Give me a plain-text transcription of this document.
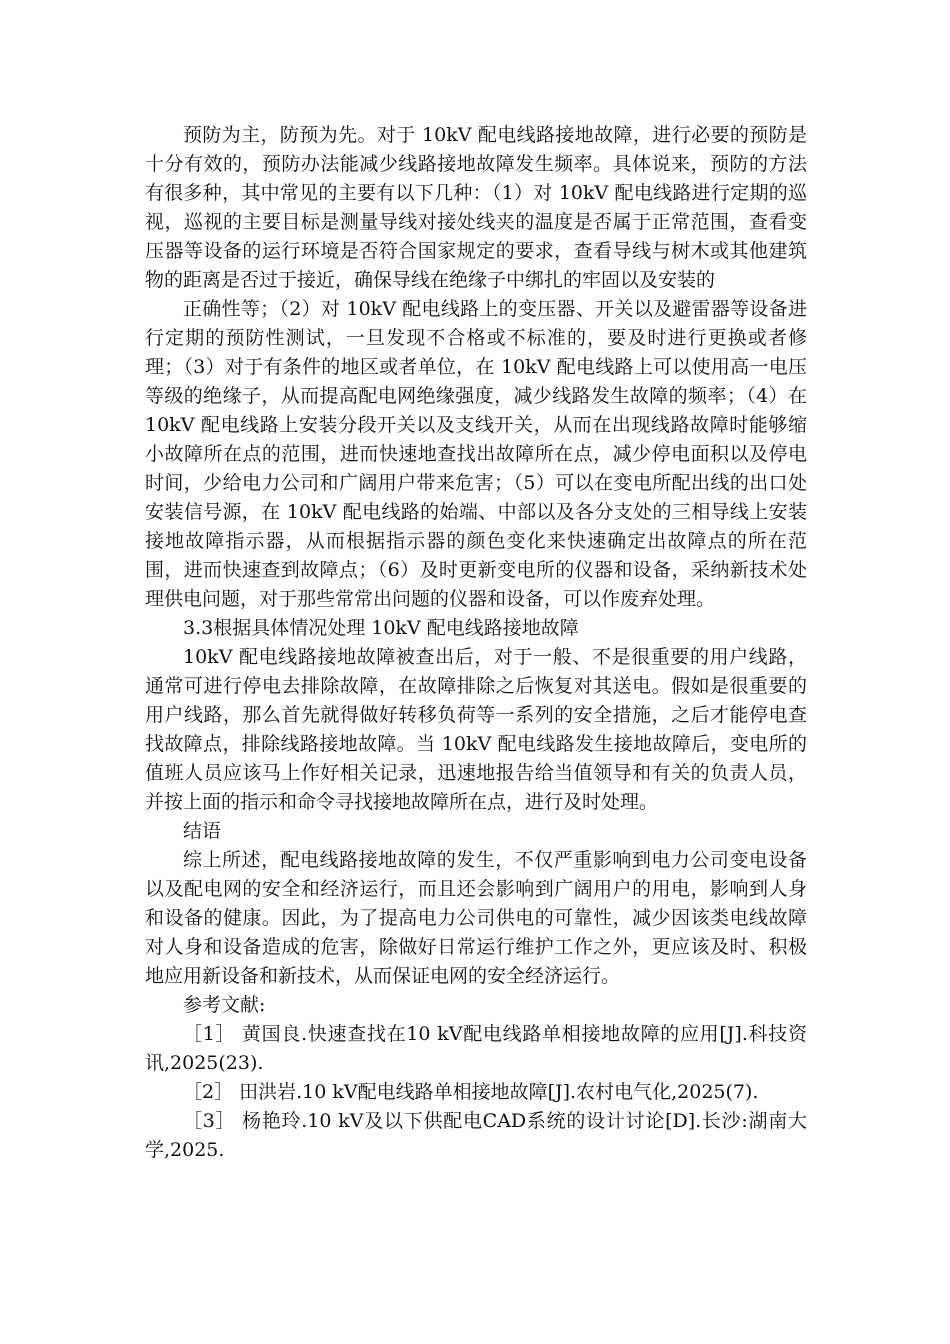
预防为主，防预为先。对于 10kV 配电线路接地故障，进行必要的预防是十分有效的，预防办法能减少线路接地故障发生频率。具体说来，预防的方法有很多种，其中常见的主要有以下几种：（1）对 10kV 配电线路进行定期的巡视，巡视的主要目标是测量导线对接处线夹的温度是否属于正常范围，查看变压器等设备的运行环境是否符合国家规定的要求，查看导线与树木或其他建筑物的距离是否过于接近，确保导线在绝缘子中绑扎的牢固以及安装的

正确性等；（2）对 10kV 配电线路上的变压器、开关以及避雷器等设备进行定期的预防性测试，一旦发现不合格或不标准的，要及时进行更换或者修理；（3）对于有条件的地区或者单位，在 10kV 配电线路上可以使用高一电压等级的绝缘子，从而提高配电网绝缘强度，减少线路发生故障的频率；（4）在 10kV 配电线路上安装分段开关以及支线开关，从而在出现线路故障时能够缩小故障所在点的范围，进而快速地查找出故障所在点，减少停电面积以及停电时间，少给电力公司和广阔用户带来危害；（5）可以在变电所配出线的出口处安装信号源，在 10kV 配电线路的始端、中部以及各分支处的三相导线上安装接地故障指示器，从而根据指示器的颜色变化来快速确定出故障点的所在范围，进而快速查到故障点；（6）及时更新变电所的仪器和设备，采纳新技术处理供电问题，对于那些常常出问题的仪器和设备，可以作废弃处理。

3.3根据具体情况处理 10kV 配电线路接地故障

10kV 配电线路接地故障被查出后，对于一般、不是很重要的用户线路，通常可进行停电去排除故障，在故障排除之后恢复对其送电。假如是很重要的用户线路，那么首先就得做好转移负荷等一系列的安全措施，之后才能停电查找故障点，排除线路接地故障。当 10kV 配电线路发生接地故障后，变电所的值班人员应该马上作好相关记录，迅速地报告给当值领导和有关的负责人员，并按上面的指示和命令寻找接地故障所在点，进行及时处理。

结语

综上所述，配电线路接地故障的发生，不仅严重影响到电力公司变电设备以及配电网的安全和经济运行，而且还会影响到广阔用户的用电，影响到人身和设备的健康。因此，为了提高电力公司供电的可靠性，减少因该类电线故障对人身和设备造成的危害，除做好日常运行维护工作之外，更应该及时、积极地应用新设备和新技术，从而保证电网的安全经济运行。

参考文献:

［1］ 黄国良.快速查找在10 kV配电线路单相接地故障的应用[J].科技资讯,2025(23).

［2］ 田洪岩.10 kV配电线路单相接地故障[J].农村电气化,2025(7).

［3］ 杨艳玲.10 kV及以下供配电CAD系统的设计讨论[D].长沙:湖南大学,2025.
